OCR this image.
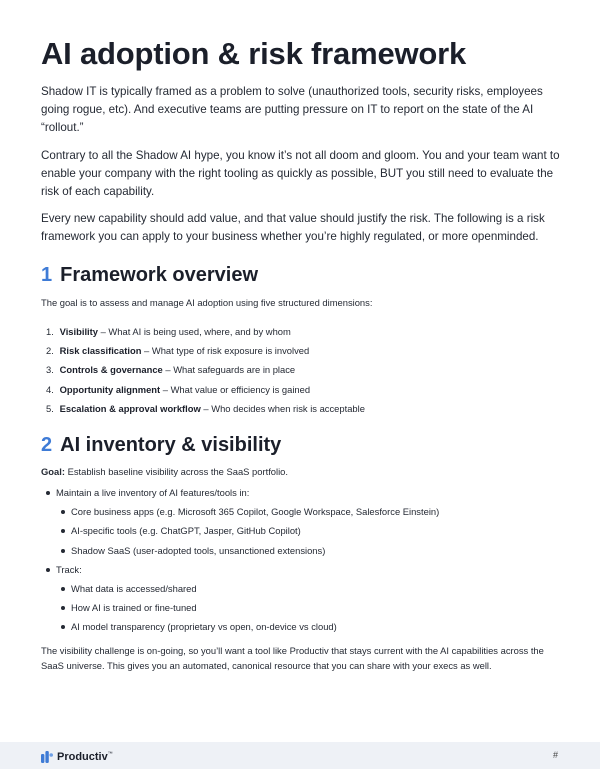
AI adoption & risk framework

Shadow IT is typically framed as a problem to solve (unauthorized tools, security risks, employees going rogue, etc). And executive teams are putting pressure on IT to report on the state of the AI “rollout.”

Contrary to all the Shadow AI hype, you know it’s not all doom and gloom. You and your team want to enable your company with the right tooling as quickly as possible, BUT you still need to evaluate the risk of each capability.

Every new capability should add value, and that value should justify the risk. The following is a risk framework you can apply to your business whether you’re highly regulated, or more openminded.

1 Framework overview

The goal is to assess and manage AI adoption using five structured dimensions:

1. Visibility – What AI is being used, where, and by whom
2. Risk classification – What type of risk exposure is involved
3. Controls & governance – What safeguards are in place
4. Opportunity alignment – What value or efficiency is gained
5. Escalation & approval workflow – Who decides when risk is acceptable
2 AI inventory & visibility

Goal: Establish baseline visibility across the SaaS portfolio.

Maintain a live inventory of AI features/tools in:
Core business apps (e.g. Microsoft 365 Copilot, Google Workspace, Salesforce Einstein)
AI-specific tools (e.g. ChatGPT, Jasper, GitHub Copilot)
Shadow SaaS (user-adopted tools, unsanctioned extensions)
Track:
What data is accessed/shared
How AI is trained or fine-tuned
AI model transparency (proprietary vs open, on-device vs cloud)

The visibility challenge is on-going, so you’ll want a tool like Productiv that stays current with the AI capabilities across the SaaS universe. This gives you an automated, canonical resource that you can share with your execs as well.

Productiv ™	#
